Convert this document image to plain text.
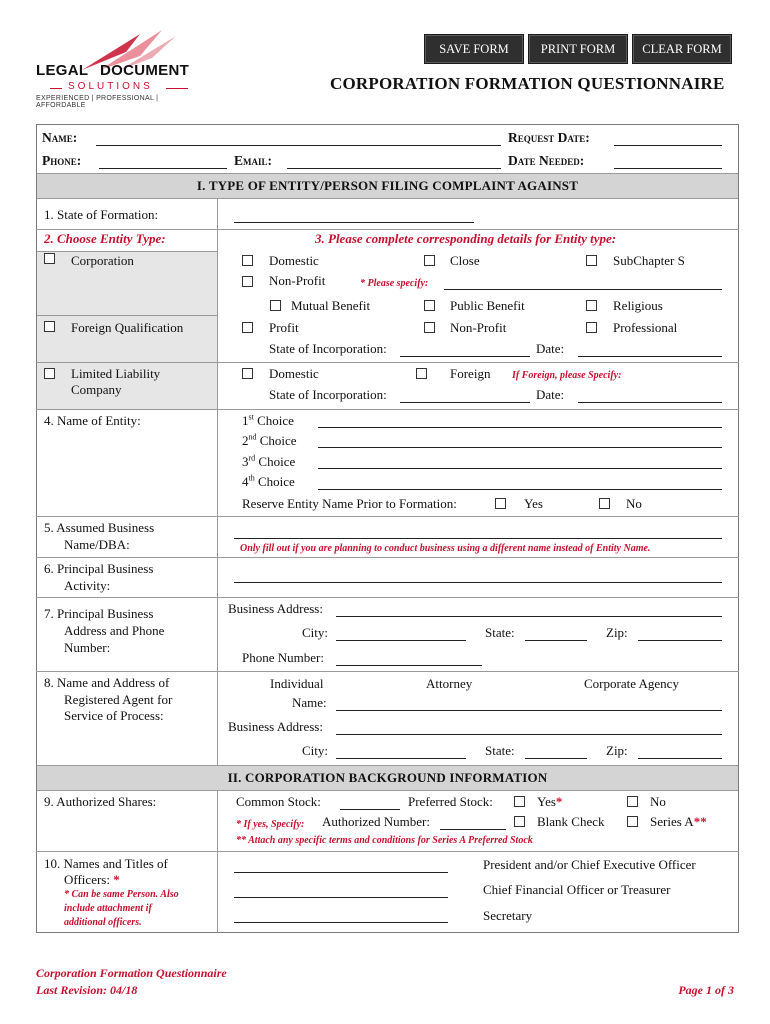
LEGAL DOCUMENT
SOLUTIONS
EXPERIENCED | PROFESSIONAL | AFFORDABLE
SAVE FORM	PRINT FORM	CLEAR FORM
CORPORATION FORMATION QUESTIONNAIRE
Name:	Request Date:
Phone:	Email:	Date Needed:
I. TYPE OF ENTITY/PERSON FILING COMPLAINT AGAINST
1. State of Formation:
2. Choose Entity Type:	3. Please complete corresponding details for Entity type:
Corporation	Domestic	Close	SubChapter S
Non-Profit	* Please specify:
Mutual Benefit	Public Benefit	Religious
Foreign Qualification	Profit	Non-Profit	Professional
State of Incorporation:	Date:
Limited Liability
Company
Domestic	Foreign If Foreign, please Specify:
State of Incorporation:	Date:
4. Name of Entity:	1st Choice
2nd Choice
3rd Choice
4th Choice
Reserve Entity Name Prior to Formation:	Yes	No
5. Assumed Business
Name/DBA:	Only fill out if you are planning to conduct business using a different name instead of Entity Name.
6. Principal Business
Activity:
7. Principal Business
Address and Phone
Number:
Business Address:
City:	State:	Zip:
Phone Number:
8. Name and Address of
Registered Agent for
Service of Process:
Individual	Attorney	Corporate Agency
Name:
Business Address:
City:	State:	Zip:
II. CORPORATION BACKGROUND INFORMATION
9. Authorized Shares:	Common Stock:	Preferred Stock:	Yes*	No
* If yes, Specify: Authorized Number:	Blank Check	Series A**
** Attach any specific terms and conditions for Series A Preferred Stock
10. Names and Titles of
Officers: *
* Can be same Person. Also
include attachment if
additional officers.
President and/or Chief Executive Officer
Chief Financial Officer or Treasurer
Secretary
Corporation Formation Questionnaire
Last Revision: 04/18	Page 1 of 3
